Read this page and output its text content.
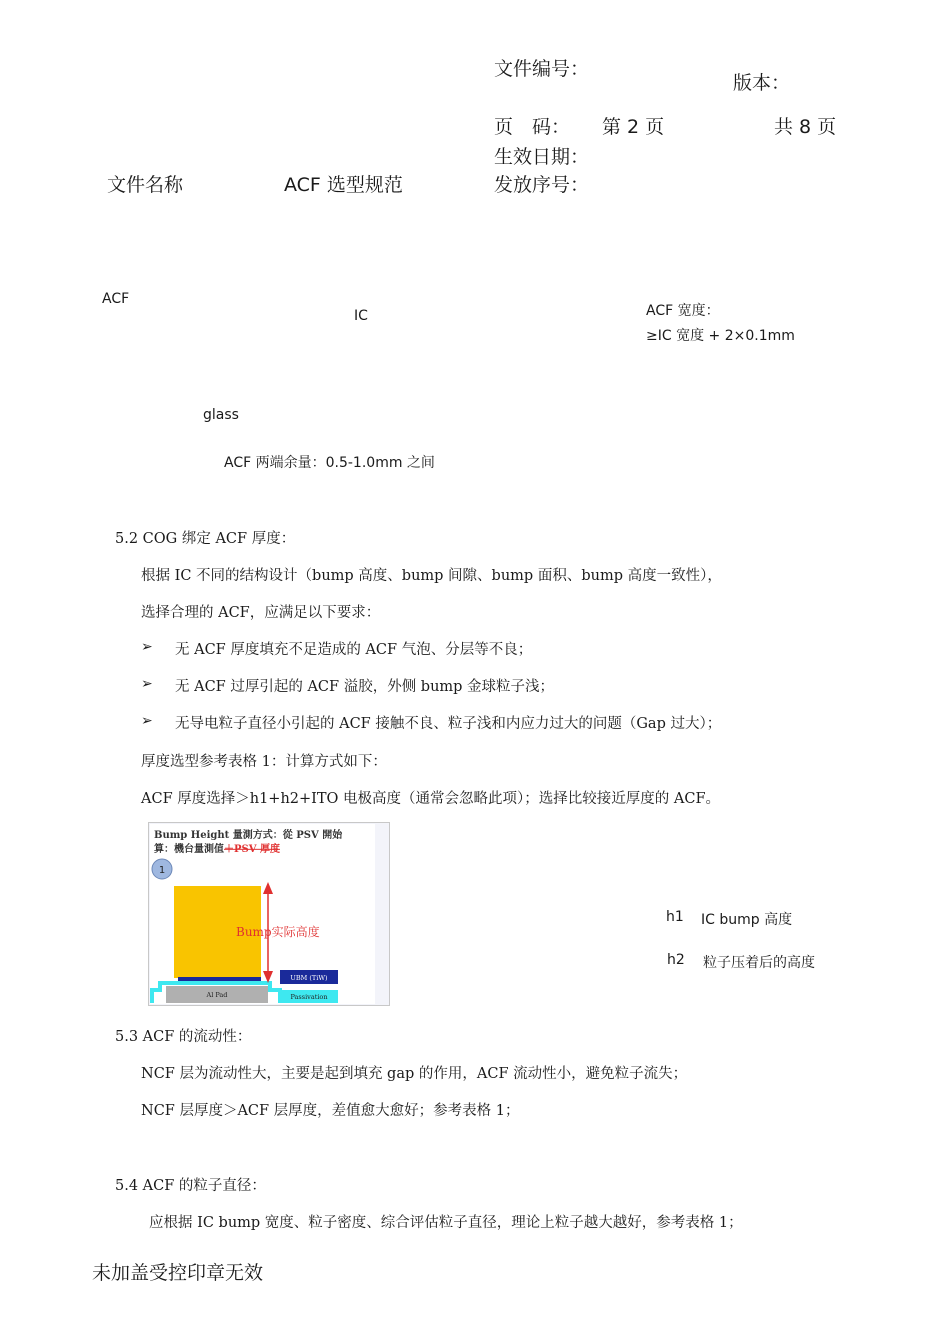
文件编号：
版本：
页　码： 第 2 页	共 8 页
生效日期：
文件名称	ACF 选型规范	发放序号：
ACF
IC	ACF 宽度：
≥IC 宽度 + 2×0.1mm
glass
ACF 两端余量：0.5-1.0mm 之间
5.2 COG 绑定 ACF 厚度：
根据 IC 不同的结构设计（bump 高度、bump 间隙、bump 面积、bump 高度一致性），
选择合理的 ACF，应满足以下要求：
➢ 无 ACF 厚度填充不足造成的 ACF 气泡、分层等不良；
➢ 无 ACF 过厚引起的 ACF 溢胶，外侧 bump 金球粒子浅；
➢ 无导电粒子直径小引起的 ACF 接触不良、粒子浅和内应力过大的问题（Gap 过大）；
厚度选型参考表格 1：计算方式如下：
ACF 厚度选择＞h1+h2+ITO 电极高度（通常会忽略此项）；选择比较接近厚度的 ACF。
Bump Height 量測方式：從 PSV 開始
算：機台量測值＋PSV 厚度
1
UBM (TiW)
Al Pad	Passivation
Bump实际高度
h1 IC bump 高度
h2 粒子压着后的高度
5.3 ACF 的流动性：
NCF 层为流动性大，主要是起到填充 gap 的作用，ACF 流动性小，避免粒子流失；
NCF 层厚度＞ACF 层厚度，差值愈大愈好；参考表格 1；
5.4 ACF 的粒子直径：
应根据 IC bump 宽度、粒子密度、综合评估粒子直径，理论上粒子越大越好，参考表格 1；
未加盖受控印章无效
